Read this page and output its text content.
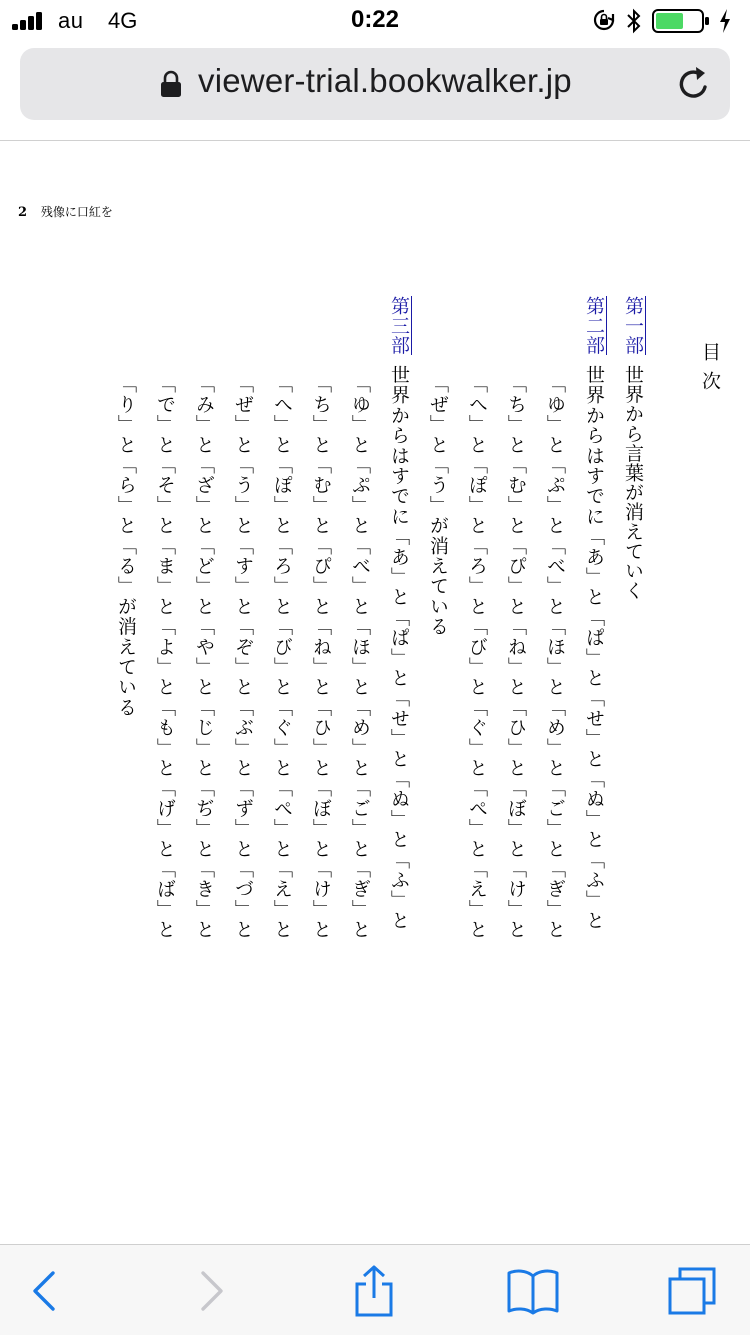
au 4G	0:22
viewer-trial.bookwalker.jp
2 残像に口紅を
目次
第一部世界から言葉が消えていく
第二部世界からはすでに「あ」と「ぱ」と「せ」と「ぬ」と「ふ」と
「ゆ」と「ぷ」と「べ」と「ほ」と「め」と「ご」と「ぎ」と
「ち」と「む」と「ぴ」と「ね」と「ひ」と「ぼ」と「け」と
「へ」と「ぽ」と「ろ」と「び」と「ぐ」と「ぺ」と「え」と
「ぜ」と「う」が消えている
第三部世界からはすでに「あ」と「ぱ」と「せ」と「ぬ」と「ふ」と
「ゆ」と「ぷ」と「べ」と「ほ」と「め」と「ご」と「ぎ」と
「ち」と「む」と「ぴ」と「ね」と「ひ」と「ぼ」と「け」と
「へ」と「ぽ」と「ろ」と「び」と「ぐ」と「ぺ」と「え」と
「ぜ」と「う」と「す」と「ぞ」と「ぶ」と「ず」と「づ」と
「み」と「ざ」と「ど」と「や」と「じ」と「ぢ」と「き」と
「で」と「そ」と「ま」と「よ」と「も」と「げ」と「ば」と
「り」と「ら」と「る」が消えている
